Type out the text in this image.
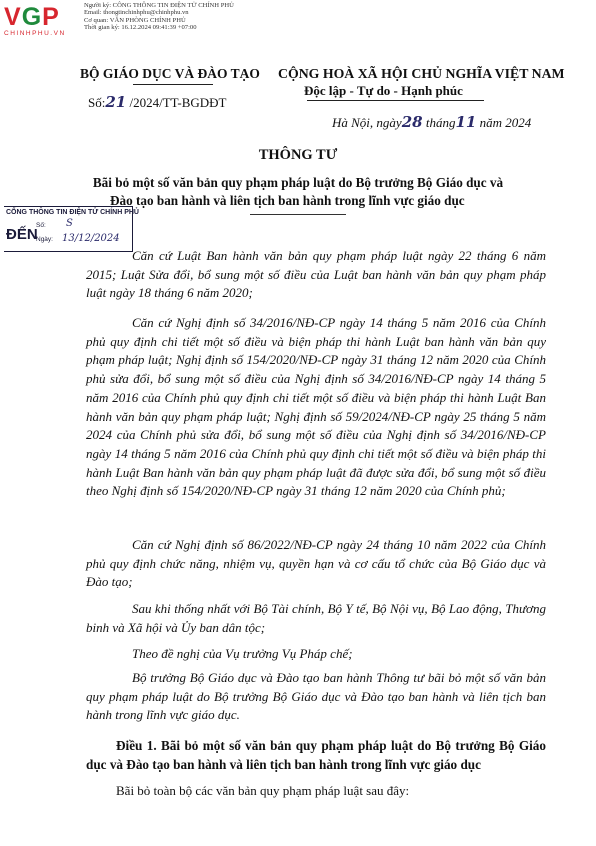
VGP
CHINHPHU.VN
Người ký: CÔNG THÔNG TIN ĐIỆN TỬ CHÍNH PHỦ
Email: thongtinchinhphu@chinhphu.vn
Cơ quan: VĂN PHÒNG CHÍNH PHỦ
Thời gian ký: 16.12.2024 09:41:39 +07:00
BỘ GIÁO DỤC VÀ ĐÀO TẠO CỘNG HOÀ XÃ HỘI CHỦ NGHĨA VIỆT NAM
Độc lập - Tự do - Hạnh phúc
Số:21 /2024/TT-BGDĐT
Hà Nội, ngày28 tháng11 năm 2024
THÔNG TƯ
Bãi bỏ một số văn bản quy phạm pháp luật do Bộ trưởng Bộ Giáo dục và
Đào tạo ban hành và liên tịch ban hành trong lĩnh vực giáo dục
CỔNG THÔNG TIN ĐIỆN TỬ CHÍNH PHỦ
ĐẾN
Số: S
Ngày: 13/12/2024
Căn cứ Luật Ban hành văn bản quy phạm pháp luật ngày 22 tháng 6 năm 2015; Luật Sửa đổi, bổ sung một số điều của Luật ban hành văn bản quy phạm pháp luật ngày 18 tháng 6 năm 2020;
Căn cứ Nghị định số 34/2016/NĐ-CP ngày 14 tháng 5 năm 2016 của Chính phủ quy định chi tiết một số điều và biện pháp thi hành Luật ban hành văn bản quy phạm pháp luật; Nghị định số 154/2020/NĐ-CP ngày 31 tháng 12 năm 2020 của Chính phủ sửa đổi, bổ sung một số điều của Nghị định số 34/2016/NĐ-CP ngày 14 tháng 5 năm 2016 của Chính phủ quy định chi tiết một số điều và biện pháp thi hành Luật Ban hành văn bản quy phạm pháp luật; Nghị định số 59/2024/NĐ-CP ngày 25 tháng 5 năm 2024 của Chính phủ sửa đổi, bổ sung một số điều của Nghị định số 34/2016/NĐ-CP ngày 14 tháng 5 năm 2016 của Chính phủ quy định chi tiết một số điều và biện pháp thi hành Luật Ban hành văn bản quy phạm pháp luật đã được sửa đổi, bổ sung một số điều theo Nghị định số 154/2020/NĐ-CP ngày 31 tháng 12 năm 2020 của Chính phủ;
Căn cứ Nghị định số 86/2022/NĐ-CP ngày 24 tháng 10 năm 2022 của Chính phủ quy định chức năng, nhiệm vụ, quyền hạn và cơ cấu tổ chức của Bộ Giáo dục và Đào tạo;
Sau khi thống nhất với Bộ Tài chính, Bộ Y tế, Bộ Nội vụ, Bộ Lao động, Thương binh và Xã hội và Ủy ban dân tộc;
Theo đề nghị của Vụ trưởng Vụ Pháp chế;
Bộ trưởng Bộ Giáo dục và Đào tạo ban hành Thông tư bãi bỏ một số văn bản quy phạm pháp luật do Bộ trưởng Bộ Giáo dục và Đào tạo ban hành và liên tịch ban hành trong lĩnh vực giáo dục.
Điều 1. Bãi bỏ một số văn bản quy phạm pháp luật do Bộ trưởng Bộ Giáo dục và Đào tạo ban hành và liên tịch ban hành trong lĩnh vực giáo dục
Bãi bỏ toàn bộ các văn bản quy phạm pháp luật sau đây:
